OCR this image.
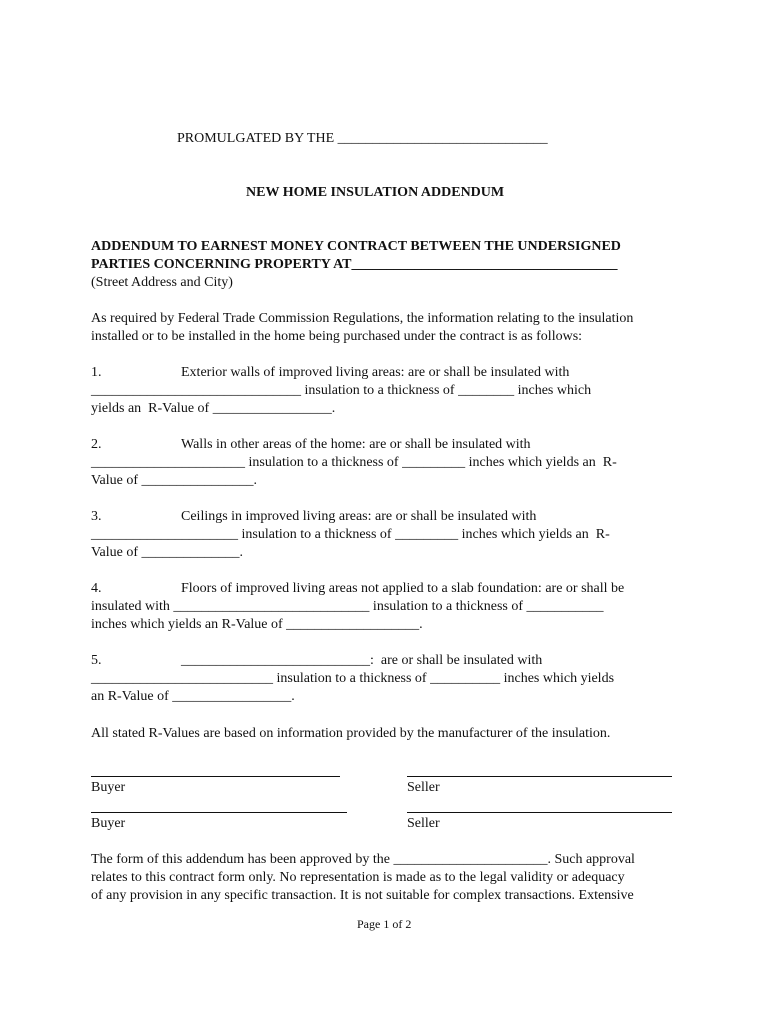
PROMULGATED BY THE ______________________________

NEW HOME INSULATION ADDENDUM

ADDENDUM TO EARNEST MONEY CONTRACT BETWEEN THE UNDERSIGNED

PARTIES CONCERNING PROPERTY AT______________________________________

(Street Address and City)

As required by Federal Trade Commission Regulations, the information relating to the insulation

installed or to be installed in the home being purchased under the contract is as follows:

1.	Exterior walls of improved living areas: are or shall be insulated with

______________________________ insulation to a thickness of ________ inches which

yields an  R-Value of _________________.

2.	Walls in other areas of the home: are or shall be insulated with

______________________ insulation to a thickness of _________ inches which yields an  R-

Value of ________________.

3.	Ceilings in improved living areas: are or shall be insulated with

_____________________ insulation to a thickness of _________ inches which yields an  R-

Value of ______________.

4.	Floors of improved living areas not applied to a slab foundation: are or shall be

insulated with ____________________________ insulation to a thickness of ___________

inches which yields an R-Value of ___________________.

5.	___________________________:  are or shall be insulated with

__________________________ insulation to a thickness of __________ inches which yields

an R-Value of _________________.

All stated R-Values are based on information provided by the manufacturer of the insulation.

Buyer	Seller
Buyer	Seller

The form of this addendum has been approved by the ______________________. Such approval

relates to this contract form only. No representation is made as to the legal validity or adequacy

of any provision in any specific transaction. It is not suitable for complex transactions. Extensive

Page 1 of 2
